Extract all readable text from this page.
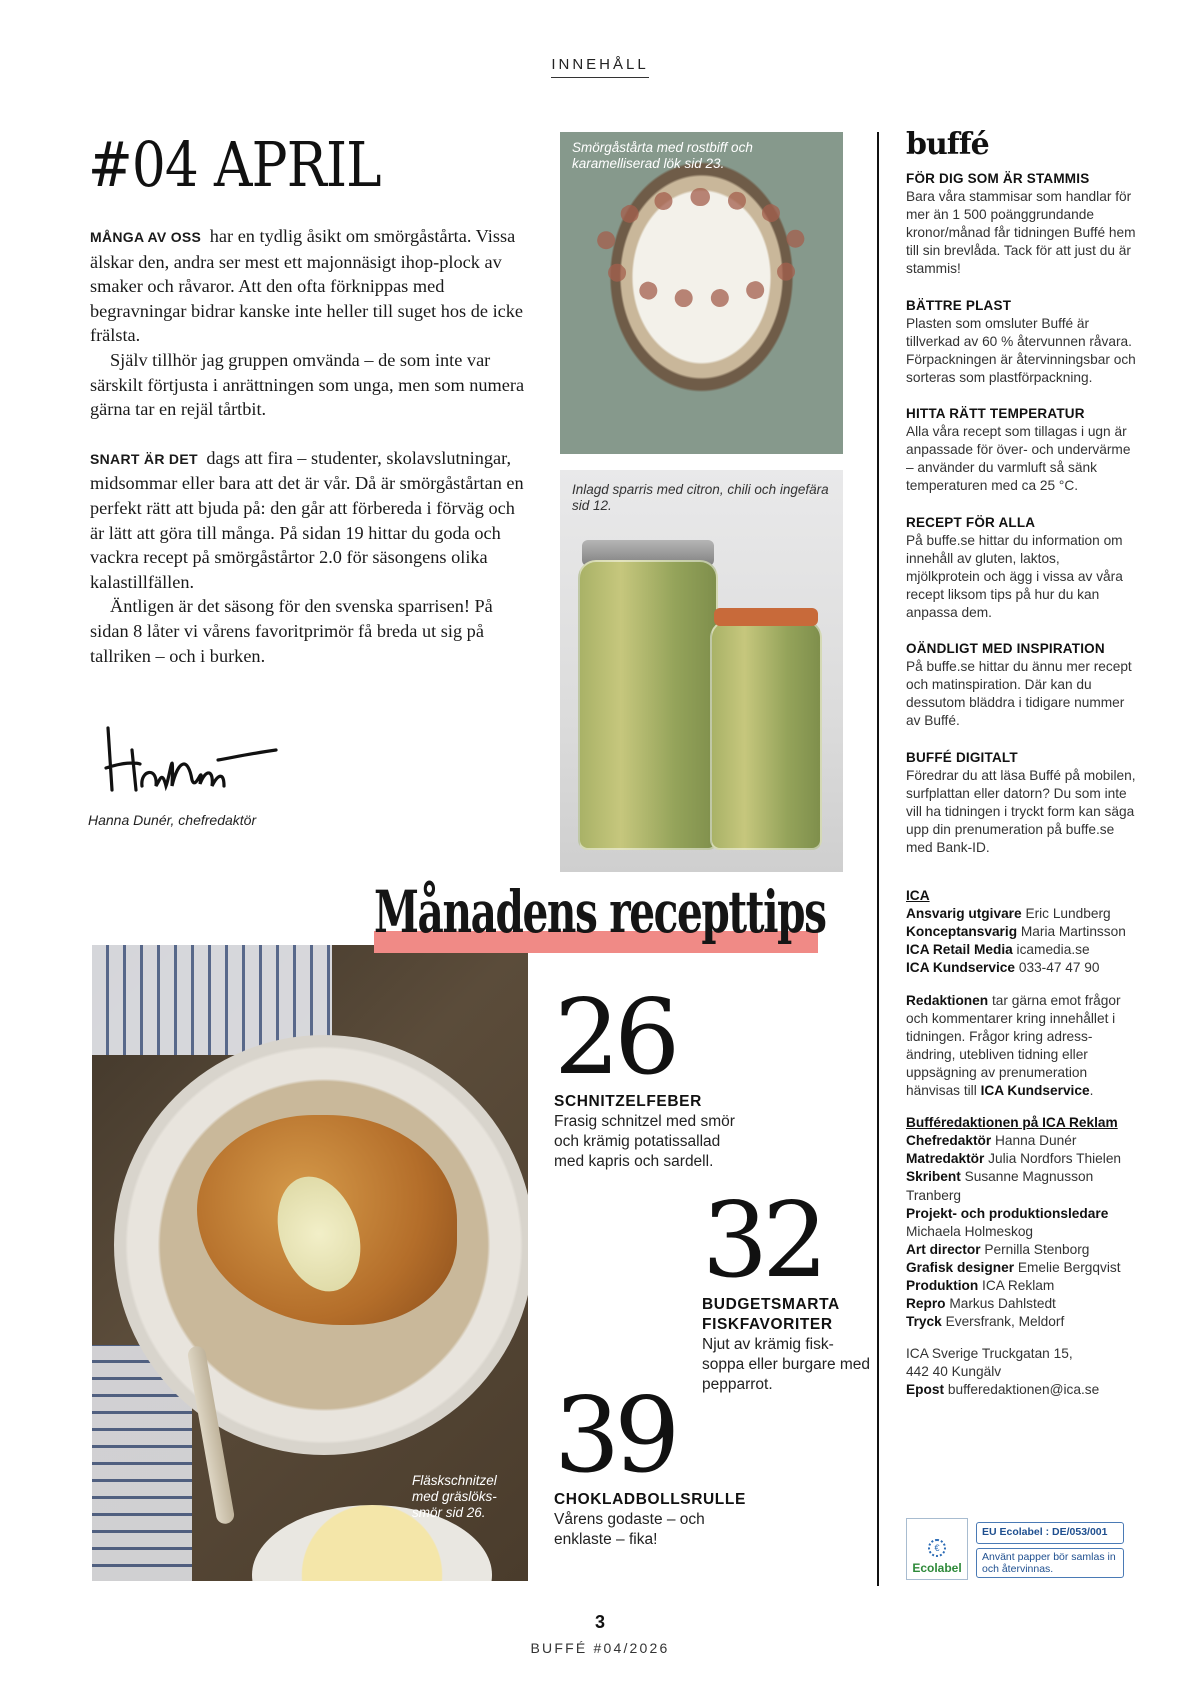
INNEHÅLL
#04 APRIL

MÅNGA AV OSS har en tydlig åsikt om smörgåstårta. Vissa älskar den, andra ser mest ett majonnäsigt ihop-plock av smaker och råvaror. Att den ofta förknippas med begravningar bidrar kanske inte heller till suget hos de icke frälsta.

Själv tillhör jag gruppen omvända – de som inte var särskilt förtjusta i anrättningen som unga, men som numera gärna tar en rejäl tårtbit.

SNART ÄR DET dags att fira – studenter, skolavslutningar, midsommar eller bara att det är vår. Då är smörgåstårtan en perfekt rätt att bjuda på: den går att förbereda i förväg och är lätt att göra till många. På sidan 19 hittar du goda och vackra recept på smörgåstårtor 2.0 för säsongens olika kalastillfällen.

Äntligen är det säsong för den svenska sparrisen! På sidan 8 låter vi vårens favoritprimör få breda ut sig på tallriken – och i burken.

Hanna Dunér, chefredaktör
Smörgåstårta med rostbiff och karamelliserad lök sid 23.
Inlagd sparris med citron, chili och ingefära sid 12.
Fläskschnitzel med gräslöks-smör sid 26.
Månadens recepttips
26
SCHNITZELFEBER
Frasig schnitzel med smör och krämig potatissallad med kapris och sardell.
32
BUDGETSMARTA FISKFAVORITER
Njut av krämig fisk-soppa eller burgare med pepparrot.
39
CHOKLADBOLLSRULLE
Vårens godaste – och enklaste – fika!
buffé
FÖR DIG SOM ÄR STAMMIS
Bara våra stammisar som handlar för mer än 1 500 poänggrundande kronor/månad får tidningen Buffé hem till sin brevlåda. Tack för att just du är stammis!
BÄTTRE PLAST
Plasten som omsluter Buffé är tillverkad av 60 % återvunnen råvara. Förpackningen är återvinningsbar och sorteras som plastförpackning.
HITTA RÄTT TEMPERATUR
Alla våra recept som tillagas i ugn är anpassade för över- och undervärme – använder du varmluft så sänk temperaturen med ca 25 °C.
RECEPT FÖR ALLA
På buffe.se hittar du information om innehåll av gluten, laktos, mjölkprotein och ägg i vissa av våra recept liksom tips på hur du kan anpassa dem.
OÄNDLIGT MED INSPIRATION
På buffe.se hittar du ännu mer recept och matinspiration. Där kan du dessutom bläddra i tidigare nummer av Buffé.
BUFFÉ DIGITALT
Föredrar du att läsa Buffé på mobilen, surfplattan eller datorn? Du som inte vill ha tidningen i tryckt form kan säga upp din prenumeration på buffe.se med Bank-ID.
ICA
Ansvarig utgivare Eric Lundberg
Konceptansvarig Maria Martinsson
ICA Retail Media icamedia.se
ICA Kundservice 033-47 47 90
Redaktionen tar gärna emot frågor och kommentarer kring innehållet i tidningen. Frågor kring adress-ändring, utebliven tidning eller uppsägning av prenumeration hänvisas till ICA Kundservice.
Bufféredaktionen på ICA Reklam
Chefredaktör Hanna Dunér
Matredaktör Julia Nordfors Thielen
Skribent Susanne Magnusson Tranberg
Projekt- och produktionsledare Michaela Holmeskog
Art director Pernilla Stenborg
Grafisk designer Emelie Bergqvist
Produktion ICA Reklam
Repro Markus Dahlstedt
Tryck Eversfrank, Meldorf
ICA Sverige Truckgatan 15,
442 40 Kungälv
Epost bufferedaktionen@ica.se
€
Ecolabel
EU Ecolabel : DE/053/001
Använt papper bör samlas in och återvinnas.
3
BUFFÉ #04/2026
